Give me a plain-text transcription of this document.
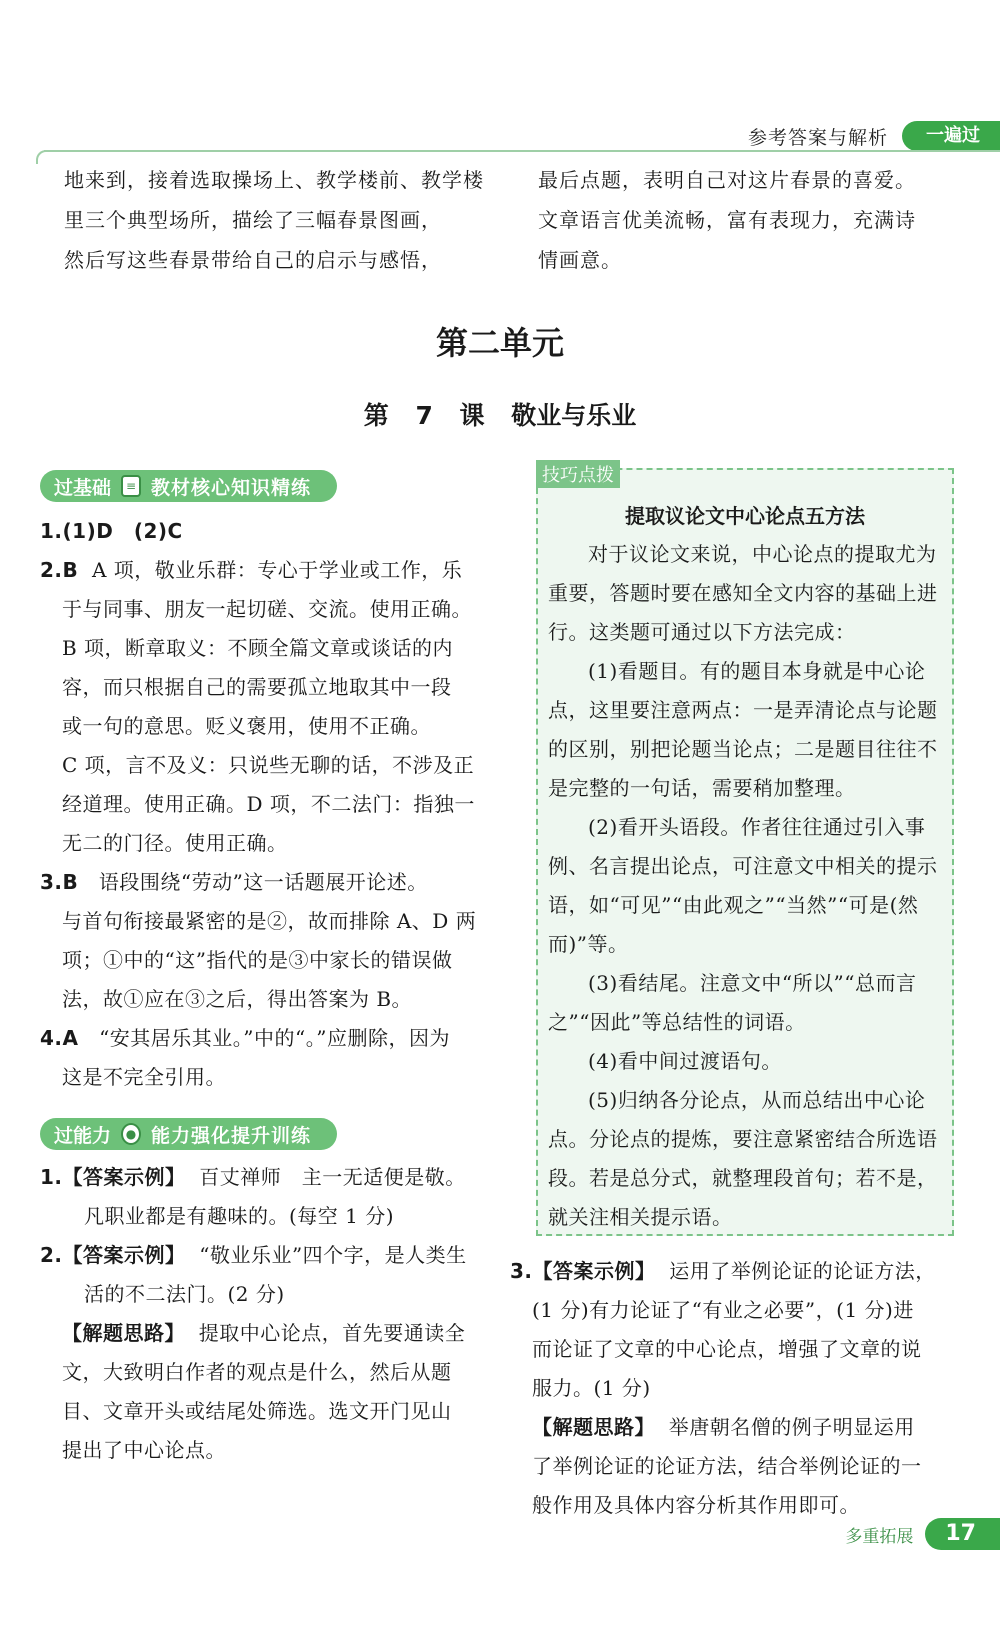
参考答案与解析	一遍过
地来到，接着选取操场上、教学楼前、教学楼
里三个典型场所，描绘了三幅春景图画，
然后写这些春景带给自己的启示与感悟，
最后点题，表明自己对这片春景的喜爱。
文章语言优美流畅，富有表现力，充满诗
情画意。
第二单元
第 7 课 敬业与乐业
过基础	≡ 教材核心知识精练
1.(1)D　(2)C
2.B A 项，敬业乐群：专心于学业或工作，乐
于与同事、朋友一起切磋、交流。使用正确。
B 项，断章取义：不顾全篇文章或谈话的内
容，而只根据自己的需要孤立地取其中一段
或一句的意思。贬义褒用，使用不正确。
C 项，言不及义：只说些无聊的话，不涉及正
经道理。使用正确。D 项，不二法门：指独一
无二的门径。使用正确。
3.B 语段围绕“劳动”这一话题展开论述。
与首句衔接最紧密的是②，故而排除 A、D 两
项；①中的“这”指代的是③中家长的错误做
法，故①应在③之后，得出答案为 B。
4.A “安其居乐其业。”中的“。”应删除，因为
这是不完全引用。
过能力	● 能力强化提升训练
1.【答案示例】 百丈禅师　主一无适便是敬。
凡职业都是有趣味的。(每空 1 分)
2.【答案示例】 “敬业乐业”四个字，是人类生
活的不二法门。(2 分)
【解题思路】 提取中心论点，首先要通读全
文，大致明白作者的观点是什么，然后从题
目、文章开头或结尾处筛选。选文开门见山
提出了中心论点。
技巧点拨
提取议论文中心论点五方法

对于议论文来说，中心论点的提取尤为重要，答题时要在感知全文内容的基础上进行。这类题可通过以下方法完成：

(1)看题目。有的题目本身就是中心论点，这里要注意两点：一是弄清论点与论题的区别，别把论题当论点；二是题目往往不是完整的一句话，需要稍加整理。

(2)看开头语段。作者往往通过引入事例、名言提出论点，可注意文中相关的提示语，如“可见”“由此观之”“当然”“可是(然而)”等。

(3)看结尾。注意文中“所以”“总而言之”“因此”等总结性的词语。

(4)看中间过渡语句。

(5)归纳各分论点，从而总结出中心论点。分论点的提炼，要注意紧密结合所选语段。若是总分式，就整理段首句；若不是，就关注相关提示语。

3.【答案示例】 运用了举例论证的论证方法，
(1 分)有力论证了“有业之必要”，(1 分)进
而论证了文章的中心论点，增强了文章的说
服力。(1 分)
【解题思路】 举唐朝名僧的例子明显运用
了举例论证的论证方法，结合举例论证的一
般作用及具体内容分析其作用即可。
多重拓展	17
